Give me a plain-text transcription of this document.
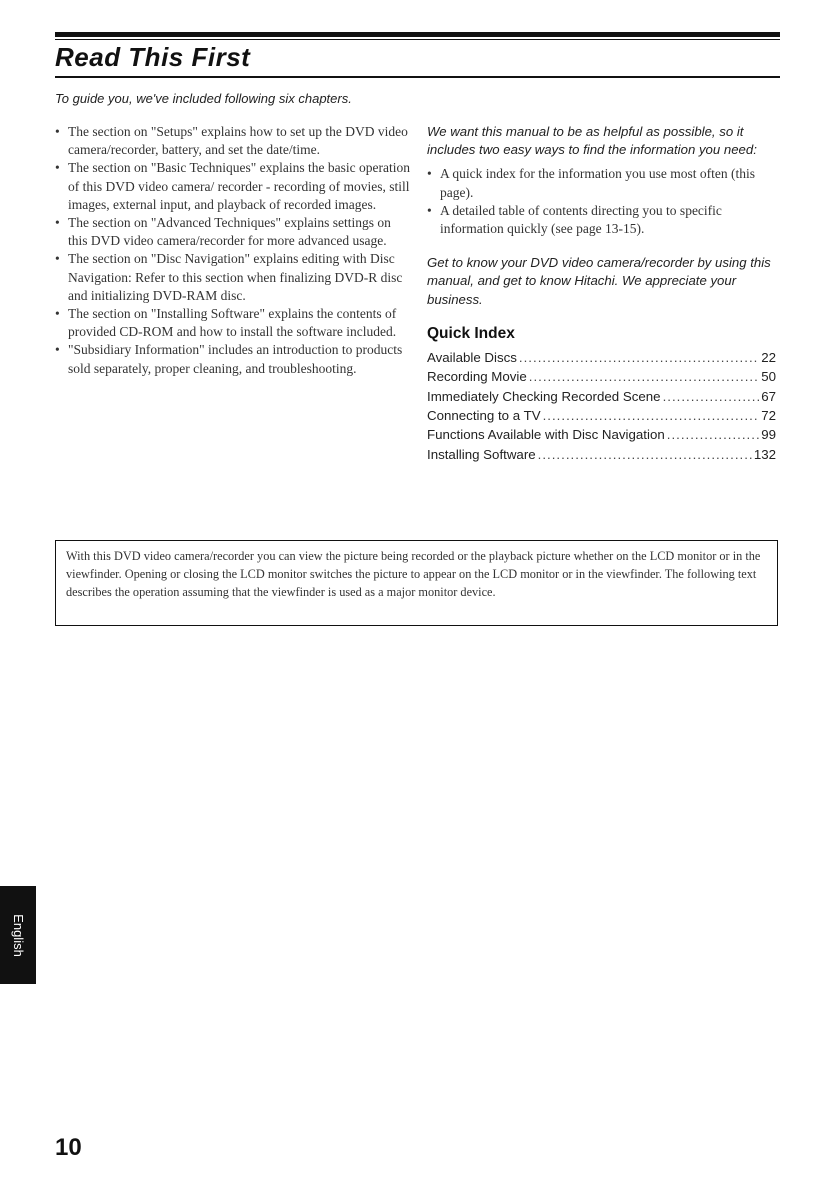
Read This First
To guide you, we've included following six chapters.
• The section on "Setups" explains how to set up the DVD video camera/recorder, battery, and set the date/time.
• The section on "Basic Techniques" explains the basic operation of this DVD video camera/ recorder - recording of movies, still images, external input, and playback of recorded images.
• The section on "Advanced Techniques" explains settings on this DVD video camera/recorder for more advanced usage.
• The section on "Disc Navigation" explains editing with Disc Navigation: Refer to this section when finalizing DVD-R disc and initializing DVD-RAM disc.
• The section on "Installing Software" explains the contents of provided CD-ROM and how to install the software included.
• "Subsidiary Information" includes an introduction to products sold separately, proper cleaning, and troubleshooting.

We want this manual to be as helpful as possible, so it includes two easy ways to find the information you need:

• A quick index for the information you use most often (this page).
• A detailed table of contents directing you to specific information quickly (see page 13-15).

Get to know your DVD video camera/recorder by using this manual, and get to know Hitachi. We appreciate your business.

Quick Index
Available Discs .....	22
Recording Movie .....	50
Immediately Checking Recorded Scene .....	67
Connecting to a TV .....	72
Functions Available with Disc Navigation .....	99
Installing Software .....	132
With this DVD video camera/recorder you can view the picture being recorded or the playback picture whether on the LCD monitor or in the viewfinder. Opening or closing the LCD monitor switches the picture to appear on the LCD monitor or in the viewfinder. The following text describes the operation assuming that the viewfinder is used as a major monitor device.
English
10
